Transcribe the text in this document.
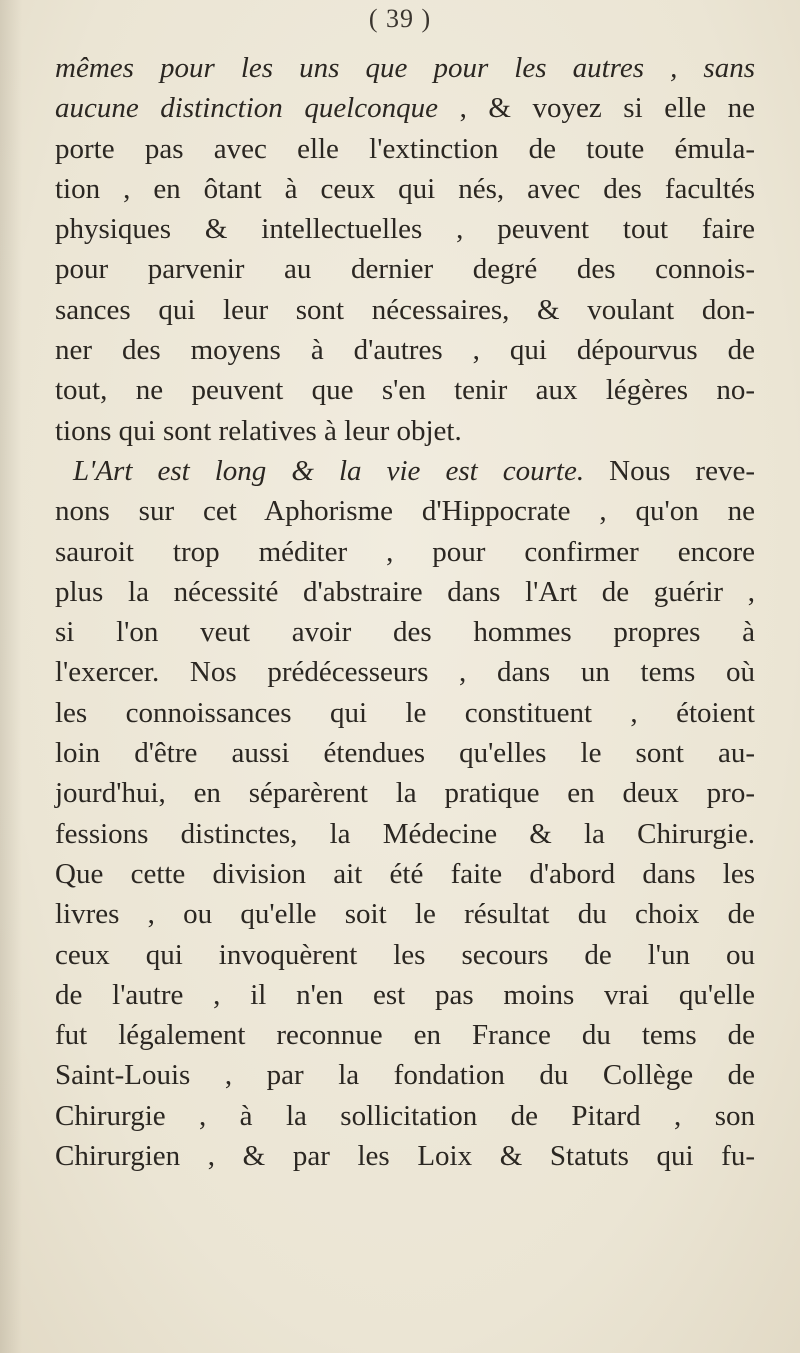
( 39 )
mêmes pour les uns que pour les autres , sans
aucune distinction quelconque , & voyez si elle ne
porte pas avec elle l'extinction de toute émula-
tion , en ôtant à ceux qui nés, avec des facultés
physiques & intellectuelles , peuvent tout faire
pour parvenir au dernier degré des connois-
sances qui leur sont nécessaires, & voulant don-
ner des moyens à d'autres , qui dépourvus de
tout, ne peuvent que s'en tenir aux légères no-
tions qui sont relatives à leur objet.
L'Art est long & la vie est courte. Nous reve-
nons sur cet Aphorisme d'Hippocrate , qu'on ne
sauroit trop méditer , pour confirmer encore
plus la nécessité d'abstraire dans l'Art de guérir ,
si l'on veut avoir des hommes propres à
l'exercer. Nos prédécesseurs , dans un tems où
les connoissances qui le constituent , étoient
loin d'être aussi étendues qu'elles le sont au-
jourd'hui, en séparèrent la pratique en deux pro-
fessions distinctes, la Médecine & la Chirurgie.
Que cette division ait été faite d'abord dans les
livres , ou qu'elle soit le résultat du choix de
ceux qui invoquèrent les secours de l'un ou
de l'autre , il n'en est pas moins vrai qu'elle
fut légalement reconnue en France du tems de
Saint-Louis , par la fondation du Collège de
Chirurgie , à la sollicitation de Pitard , son
Chirurgien , & par les Loix & Statuts qui fu-
